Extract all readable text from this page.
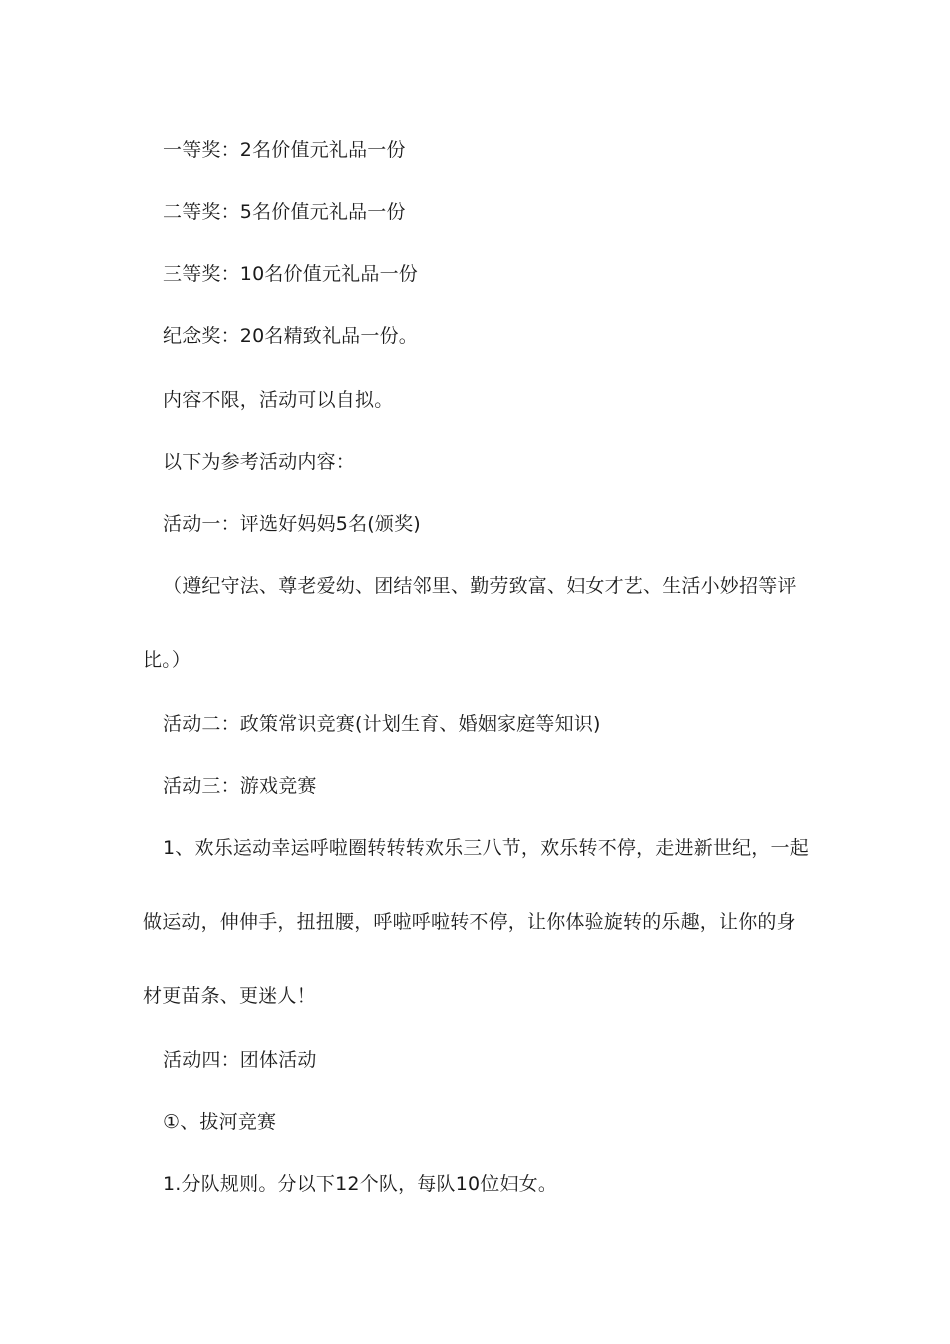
一等奖：2名价值元礼品一份
二等奖：5名价值元礼品一份
三等奖：10名价值元礼品一份
纪念奖：20名精致礼品一份。
内容不限，活动可以自拟。
以下为参考活动内容：
活动一：评选好妈妈5名(颁奖)
（遵纪守法、尊老爱幼、团结邻里、勤劳致富、妇女才艺、生活小妙招等评
比。）
活动二：政策常识竞赛(计划生育、婚姻家庭等知识)
活动三：游戏竞赛
1、欢乐运动幸运呼啦圈转转转欢乐三八节，欢乐转不停，走进新世纪，一起
做运动，伸伸手，扭扭腰，呼啦呼啦转不停，让你体验旋转的乐趣，让你的身
材更苗条、更迷人！
活动四：团体活动
①、拔河竞赛
1.分队规则。分以下12个队，每队10位妇女。
